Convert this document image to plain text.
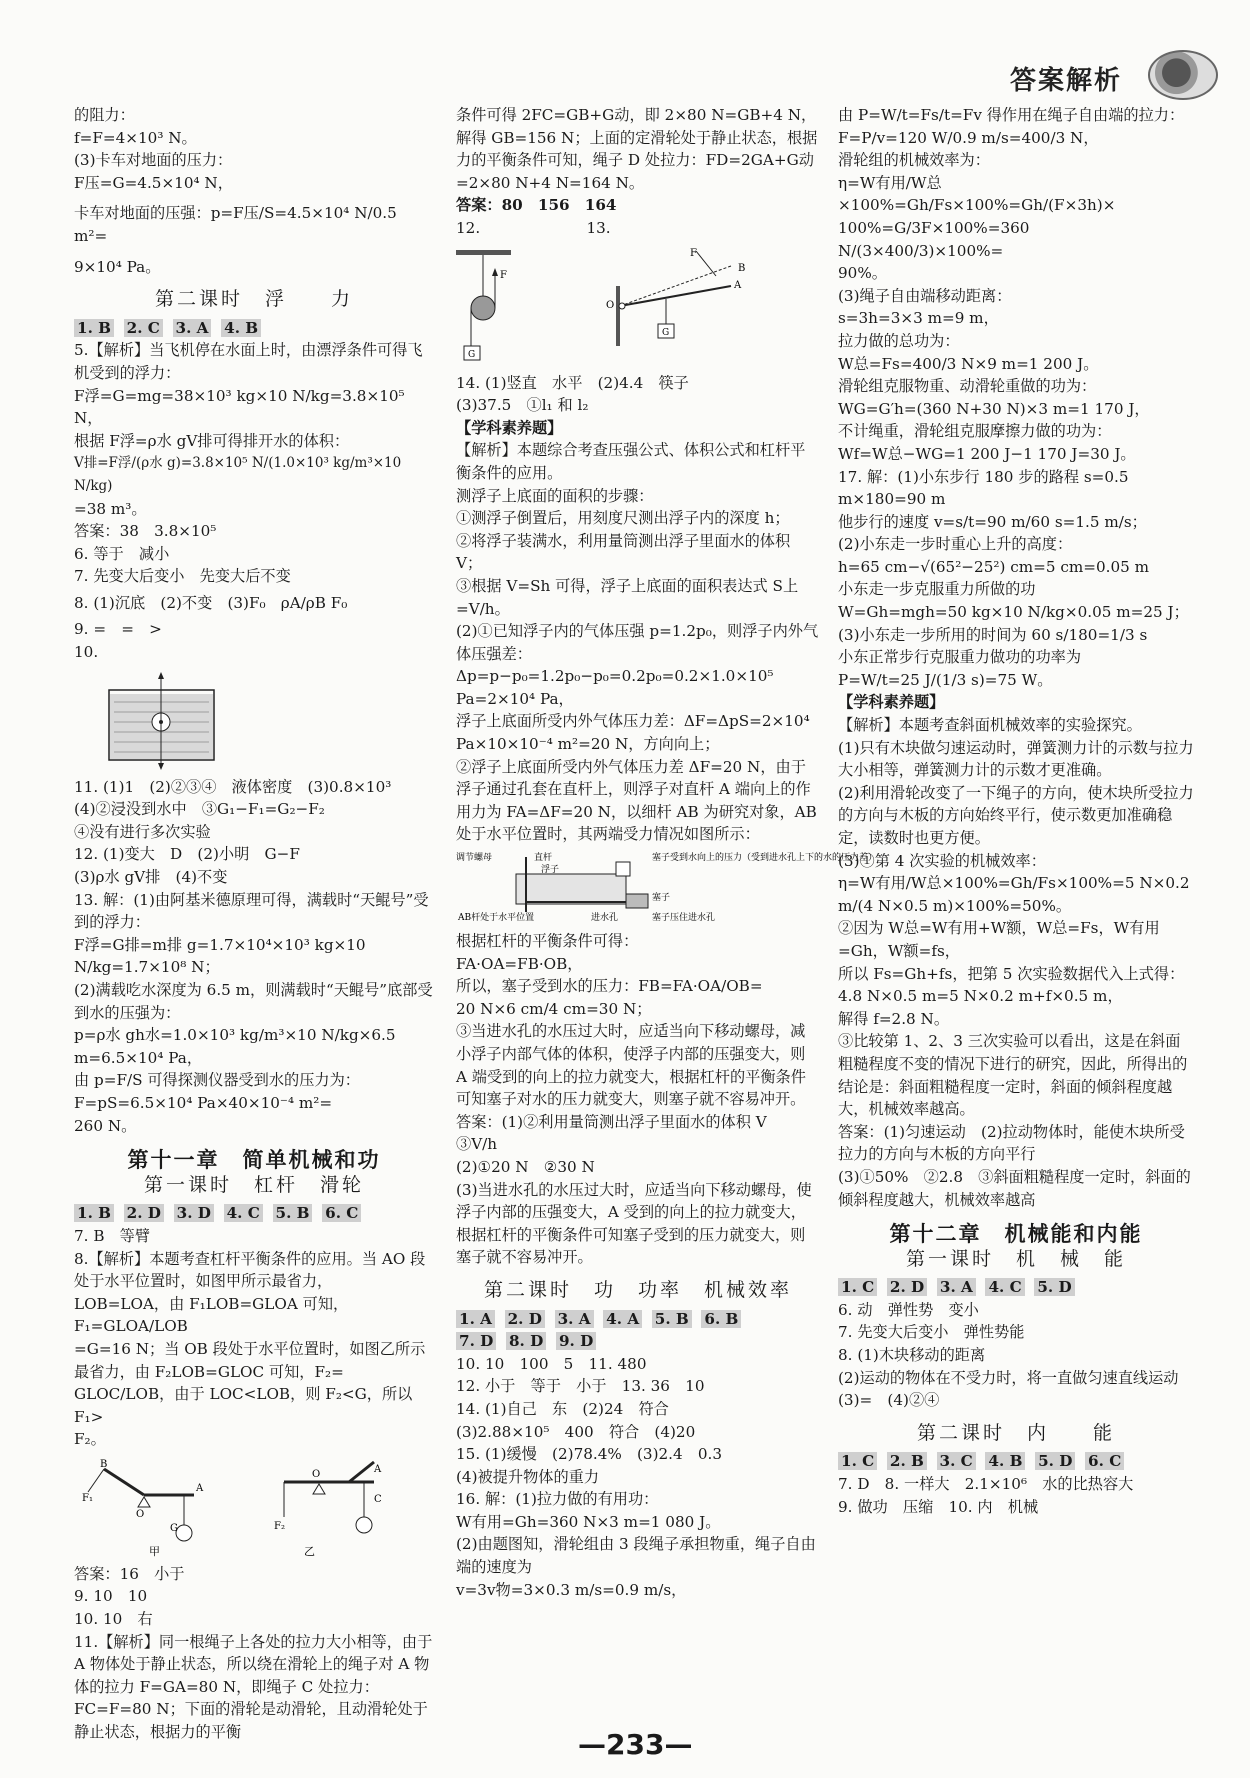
答案解析
的阻力：
f=F=4×10³ N。
(3)卡车对地面的压力：
F压=G=4.5×10⁴ N，
卡车对地面的压强：p=F压/S=4.5×10⁴ N/0.5 m²=
9×10⁴ Pa。
第二课时　浮　　力
1. B 2. C 3. A 4. B
5.【解析】当飞机停在水面上时，由漂浮条件可得飞机受到的浮力：
F浮=G=mg=38×10³ kg×10 N/kg=3.8×10⁵ N，
根据 F浮=ρ水 gV排可得排开水的体积：
V排=F浮/(ρ水 g)=3.8×10⁵ N/(1.0×10³ kg/m³×10 N/kg)
=38 m³。
答案：38　3.8×10⁵
6. 等于　减小
7. 先变大后变小　先变大后不变
8. (1)沉底　(2)不变　(3)F₀　ρA/ρB F₀
9. =　=　>
10.
11. (1)1　(2)②③④　液体密度　(3)0.8×10³
(4)②浸没到水中　③G₁−F₁=G₂−F₂
④没有进行多次实验
12. (1)变大　D　(2)小明　G−F
(3)ρ水 gV排　(4)不变
13. 解：(1)由阿基米德原理可得，满载时“天鲲号”受到的浮力：
F浮=G排=m排 g=1.7×10⁴×10³ kg×10 N/kg=1.7×10⁸ N；
(2)满载吃水深度为 6.5 m，则满载时“天鲲号”底部受到水的压强为：
p=ρ水 gh水=1.0×10³ kg/m³×10 N/kg×6.5 m=6.5×10⁴ Pa，
由 p=F/S 可得探测仪器受到水的压力为：
F=pS=6.5×10⁴ Pa×40×10⁻⁴ m²=
260 N。
第十一章　简单机械和功
第一课时　杠杆　滑轮
1. B 2. D 3. D 4. C 5. B 6. C
7. B　等臂
8.【解析】本题考查杠杆平衡条件的应用。当 AO 段处于水平位置时，如图甲所示最省力，
LOB=LOA，由 F₁LOB=GLOA 可知，F₁=GLOA/LOB
=G=16 N；当 OB 段处于水平位置时，如图乙所示最省力，由 F₂LOB=GLOC 可知，F₂=
GLOC/LOB，由于 LOC<LOB，则 F₂<G，所以 F₁>
F₂。
B
A
O
F₁
G
甲
F₂
O
C
A
乙
答案：16　小于
9. 10　10
10. 10　右
11.【解析】同一根绳子上各处的拉力大小相等，由于 A 物体处于静止状态，所以绕在滑轮上的绳子对 A 物体的拉力 F=GA=80 N，即绳子 C 处拉力：FC=F=80 N；下面的滑轮是动滑轮，且动滑轮处于静止状态，根据力的平衡
条件可得 2FC=GB+G动，即 2×80 N=GB+4 N，解得 GB=156 N；上面的定滑轮处于静止状态，根据力的平衡条件可知，绳子 D 处拉力：FD=2GA+G动=2×80 N+4 N=164 N。
答案：80　156　164
12.　　　　　　　13.
F
G
G
F
O
A
B
14. (1)竖直　水平　(2)4.4　筷子
(3)37.5　①l₁ 和 l₂
【学科素养题】
【解析】本题综合考查压强公式、体积公式和杠杆平衡条件的应用。
测浮子上底面的面积的步骤：
①测浮子倒置后，用刻度尺测出浮子内的深度 h；
②将浮子装满水，利用量筒测出浮子里面水的体积 V；
③根据 V=Sh 可得，浮子上底面的面积表达式 S上=V/h。
(2)①已知浮子内的气体压强 p=1.2p₀，则浮子内外气体压强差：Δp=p−p₀=1.2p₀−p₀=0.2p₀=0.2×1.0×10⁵ Pa=2×10⁴ Pa，
浮子上底面所受内外气体压力差：ΔF=ΔpS=2×10⁴ Pa×10×10⁻⁴ m²=20 N，方向向上；
②浮子上底面所受内外气体压力差 ΔF=20 N，由于浮子通过孔套在直杆上，则浮子对直杆 A 端向上的作用力为 FA=ΔF=20 N，以细杆 AB 为研究对象，AB 处于水平位置时，其两端受力情况如图所示：
调节螺母	直杆
浮子
塞子受到水向上的压力（受到进水孔上下的水的压力差）
塞子
AB杆处于水平位置	进水孔	塞子压住进水孔
根据杠杆的平衡条件可得：
FA·OA=FB·OB，
所以，塞子受到水的压力：FB=FA·OA/OB=
20 N×6 cm/4 cm=30 N；
③当进水孔的水压过大时，应适当向下移动螺母，减小浮子内部气体的体积，使浮子内部的压强变大，则 A 端受到的向上的拉力就变大，根据杠杆的平衡条件可知塞子对水的压力就变大，则塞子就不容易冲开。
答案：(1)②利用量筒测出浮子里面水的体积 V　③V/h
(2)①20 N　②30 N
(3)当进水孔的水压过大时，应适当向下移动螺母，使浮子内部的压强变大，A 受到的向上的拉力就变大，根据杠杆的平衡条件可知塞子受到的压力就变大，则塞子就不容易冲开。
第二课时　功　功率　机械效率
1. A 2. D 3. A 4. A 5. B 6. B
7. D 8. D 9. D
10. 10　100　5　11. 480
12. 小于　等于　小于　13. 36　10
14. (1)自己　东　(2)24　符合
(3)2.88×10⁵　400　符合　(4)20
15. (1)缓慢　(2)78.4%　(3)2.4　0.3
(4)被提升物体的重力
16. 解：(1)拉力做的有用功：
W有用=Gh=360 N×3 m=1 080 J。
(2)由题图知，滑轮组由 3 段绳子承担物重，绳子自由端的速度为
v=3v物=3×0.3 m/s=0.9 m/s，
由 P=W/t=Fs/t=Fv 得作用在绳子自由端的拉力：
F=P/v=120 W/0.9 m/s=400/3 N，
滑轮组的机械效率为：
η=W有用/W总×100%=Gh/Fs×100%=Gh/(F×3h)×
100%=G/3F×100%=360 N/(3×400/3)×100%=
90%。
(3)绳子自由端移动距离：
s=3h=3×3 m=9 m，
拉力做的总功为：
W总=Fs=400/3 N×9 m=1 200 J。
滑轮组克服物重、动滑轮重做的功为：
WG=G′h=(360 N+30 N)×3 m=1 170 J，
不计绳重，滑轮组克服摩擦力做的功为：
Wf=W总−WG=1 200 J−1 170 J=30 J。
17. 解：(1)小东步行 180 步的路程 s=0.5 m×180=90 m
他步行的速度 v=s/t=90 m/60 s=1.5 m/s；
(2)小东走一步时重心上升的高度：
h=65 cm−√(65²−25²) cm=5 cm=0.05 m
小东走一步克服重力所做的功
W=Gh=mgh=50 kg×10 N/kg×0.05 m=25 J；
(3)小东走一步所用的时间为 60 s/180=1/3 s
小东正常步行克服重力做功的功率为
P=W/t=25 J/(1/3 s)=75 W。
【学科素养题】
【解析】本题考查斜面机械效率的实验探究。
(1)只有木块做匀速运动时，弹簧测力计的示数与拉力大小相等，弹簧测力计的示数才更准确。
(2)利用滑轮改变了一下绳子的方向，使木块所受拉力的方向与木板的方向始终平行，使示数更加准确稳定，读数时也更方便。
(3)①第 4 次实验的机械效率：
η=W有用/W总×100%=Gh/Fs×100%=5 N×0.2 m/(4 N×0.5 m)×100%=50%。
②因为 W总=W有用+W额，W总=Fs，W有用=Gh，W额=fs，
所以 Fs=Gh+fs，把第 5 次实验数据代入上式得：
4.8 N×0.5 m=5 N×0.2 m+f×0.5 m，
解得 f=2.8 N。
③比较第 1、2、3 三次实验可以看出，这是在斜面粗糙程度不变的情况下进行的研究，因此，所得出的结论是：斜面粗糙程度一定时，斜面的倾斜程度越大，机械效率越高。
答案：(1)匀速运动　(2)拉动物体时，能使木块所受拉力的方向与木板的方向平行
(3)①50%　②2.8　③斜面粗糙程度一定时，斜面的倾斜程度越大，机械效率越高
第十二章　机械能和内能
第一课时　机　械　能
1. C 2. D 3. A 4. C 5. D
6. 动　弹性势　变小
7. 先变大后变小　弹性势能
8. (1)木块移动的距离
(2)运动的物体在不受力时，将一直做匀速直线运动　(3)=　(4)②④
第二课时　内　　能
1. C 2. B 3. C 4. B 5. D 6. C
7. D　8. 一样大　2.1×10⁶　水的比热容大
9. 做功　压缩　10. 内　机械
—233—
